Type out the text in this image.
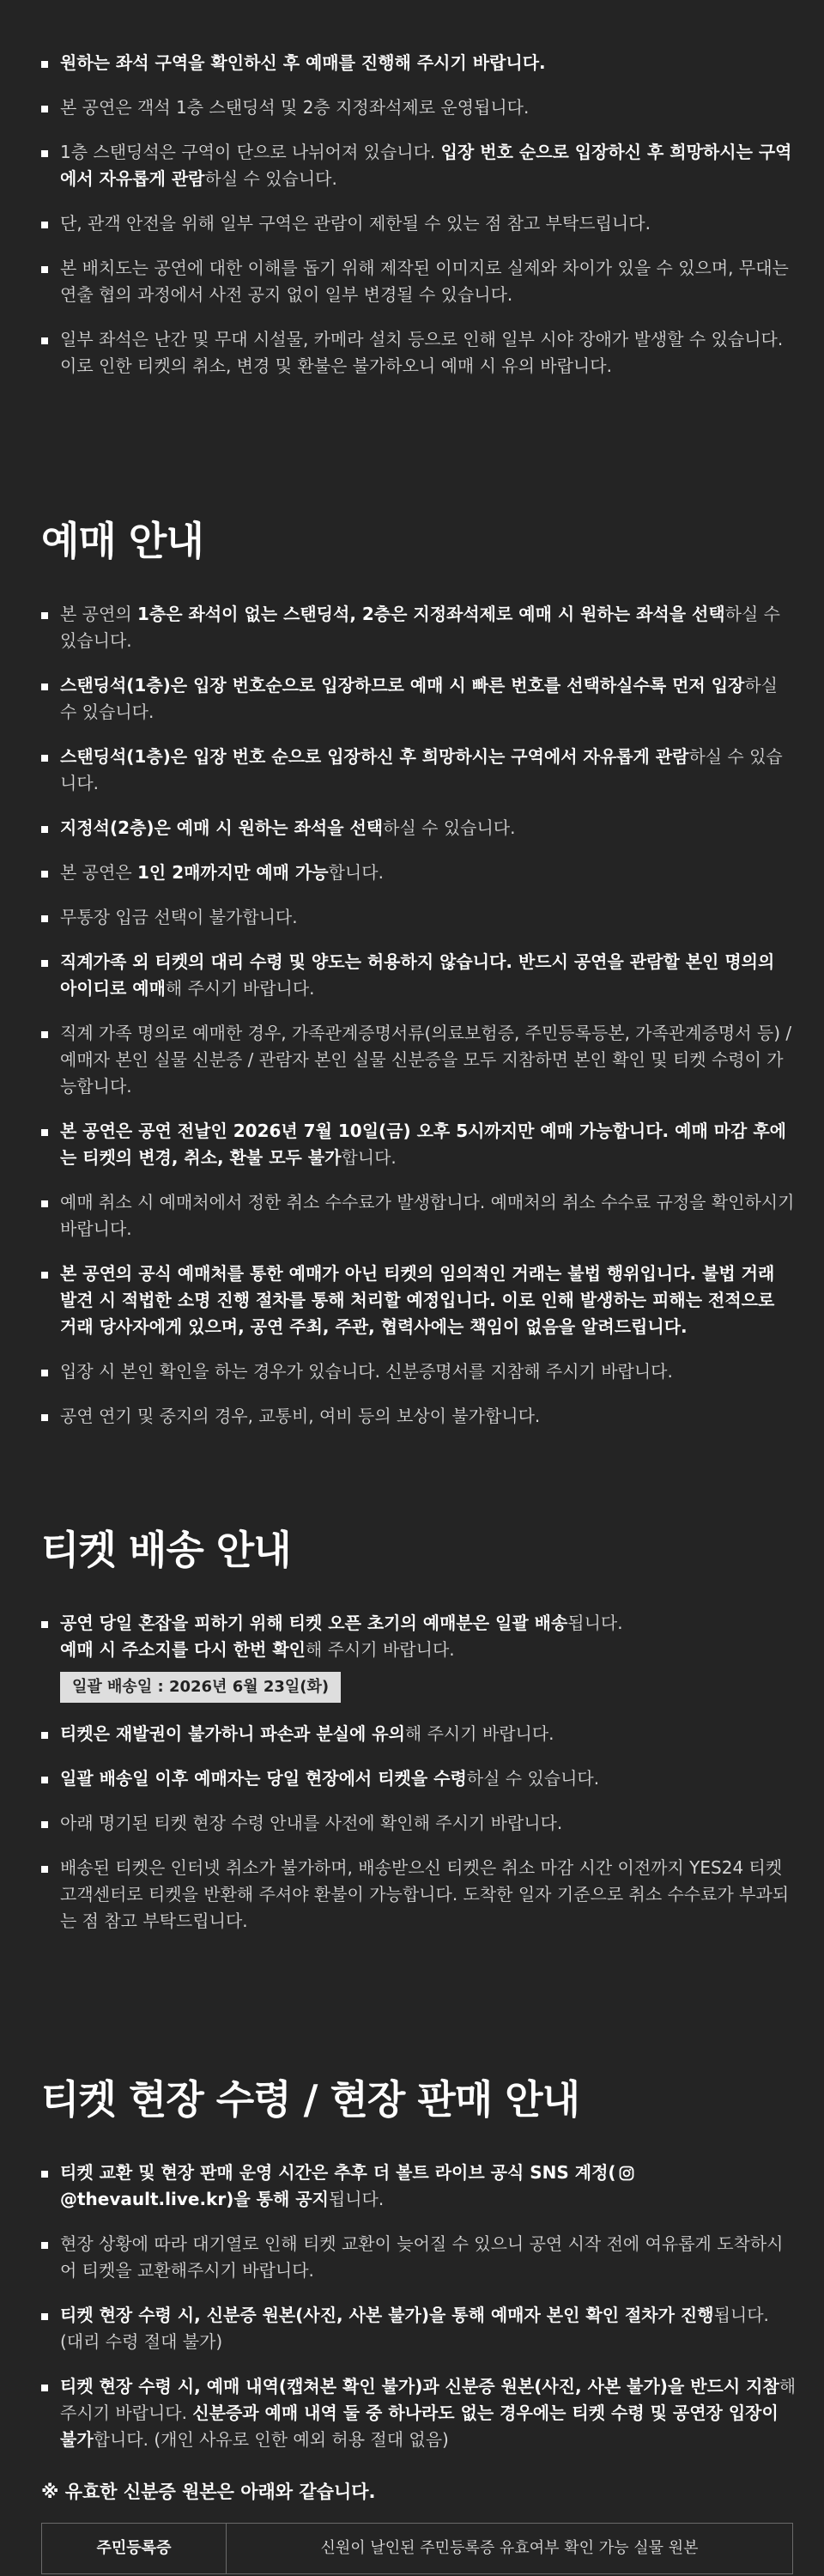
원하는 좌석 구역을 확인하신 후 예매를 진행해 주시기 바랍니다.
본 공연은 객석 1층 스탠딩석 및 2층 지정좌석제로 운영됩니다.
1층 스탠딩석은 구역이 단으로 나뉘어져 있습니다. 입장 번호 순으로 입장하신 후 희망하시는 구역에서 자유롭게 관람하실 수 있습니다.
단, 관객 안전을 위해 일부 구역은 관람이 제한될 수 있는 점 참고 부탁드립니다.
본 배치도는 공연에 대한 이해를 돕기 위해 제작된 이미지로 실제와 차이가 있을 수 있으며, 무대는 연출 협의 과정에서 사전 공지 없이 일부 변경될 수 있습니다.
일부 좌석은 난간 및 무대 시설물, 카메라 설치 등으로 인해 일부 시야 장애가 발생할 수 있습니다. 이로 인한 티켓의 취소, 변경 및 환불은 불가하오니 예매 시 유의 바랍니다.
예매 안내
본 공연의 1층은 좌석이 없는 스탠딩석, 2층은 지정좌석제로 예매 시 원하는 좌석을 선택하실 수 있습니다.
스탠딩석(1층)은 입장 번호순으로 입장하므로 예매 시 빠른 번호를 선택하실수록 먼저 입장하실 수 있습니다.
스탠딩석(1층)은 입장 번호 순으로 입장하신 후 희망하시는 구역에서 자유롭게 관람하실 수 있습니다.
지정석(2층)은 예매 시 원하는 좌석을 선택하실 수 있습니다.
본 공연은 1인 2매까지만 예매 가능합니다.
무통장 입금 선택이 불가합니다.
직계가족 외 티켓의 대리 수령 및 양도는 허용하지 않습니다. 반드시 공연을 관람할 본인 명의의 아이디로 예매해 주시기 바랍니다.
직계 가족 명의로 예매한 경우, 가족관계증명서류(의료보험증, 주민등록등본, 가족관계증명서 등) / 예매자 본인 실물 신분증 / 관람자 본인 실물 신분증을 모두 지참하면 본인 확인 및 티켓 수령이 가능합니다.
본 공연은 공연 전날인 2026년 7월 10일(금) 오후 5시까지만 예매 가능합니다. 예매 마감 후에는 티켓의 변경, 취소, 환불 모두 불가합니다.
예매 취소 시 예매처에서 정한 취소 수수료가 발생합니다. 예매처의 취소 수수료 규정을 확인하시기 바랍니다.
본 공연의 공식 예매처를 통한 예매가 아닌 티켓의 임의적인 거래는 불법 행위입니다. 불법 거래 발견 시 적법한 소명 진행 절차를 통해 처리할 예정입니다. 이로 인해 발생하는 피해는 전적으로 거래 당사자에게 있으며, 공연 주최, 주관, 협력사에는 책임이 없음을 알려드립니다.
입장 시 본인 확인을 하는 경우가 있습니다. 신분증명서를 지참해 주시기 바랍니다.
공연 연기 및 중지의 경우, 교통비, 여비 등의 보상이 불가합니다.
티켓 배송 안내
공연 당일 혼잡을 피하기 위해 티켓 오픈 초기의 예매분은 일괄 배송됩니다.
예매 시 주소지를 다시 한번 확인해 주시기 바랍니다.
일괄 배송일 : 2026년 6월 23일(화)
티켓은 재발권이 불가하니 파손과 분실에 유의해 주시기 바랍니다.
일괄 배송일 이후 예매자는 당일 현장에서 티켓을 수령하실 수 있습니다.
아래 명기된 티켓 현장 수령 안내를 사전에 확인해 주시기 바랍니다.
배송된 티켓은 인터넷 취소가 불가하며, 배송받으신 티켓은 취소 마감 시간 이전까지 YES24 티켓 고객센터로 티켓을 반환해 주셔야 환불이 가능합니다. 도착한 일자 기준으로 취소 수수료가 부과되는 점 참고 부탁드립니다.
티켓 현장 수령 / 현장 판매 안내
티켓 교환 및 현장 판매 운영 시간은 추후 더 볼트 라이브 공식 SNS 계정(@thevault.live.kr)을 통해 공지됩니다.
현장 상황에 따라 대기열로 인해 티켓 교환이 늦어질 수 있으니 공연 시작 전에 여유롭게 도착하시어 티켓을 교환해주시기 바랍니다.
티켓 현장 수령 시, 신분증 원본(사진, 사본 불가)을 통해 예매자 본인 확인 절차가 진행됩니다. (대리 수령 절대 불가)
티켓 현장 수령 시, 예매 내역(캡쳐본 확인 불가)과 신분증 원본(사진, 사본 불가)을 반드시 지참해 주시기 바랍니다. 신분증과 예매 내역 둘 중 하나라도 없는 경우에는 티켓 수령 및 공연장 입장이 불가합니다. (개인 사유로 인한 예외 허용 절대 없음)

※ 유효한 신분증 원본은 아래와 같습니다.

주민등록증	신원이 날인된 주민등록증 유효여부 확인 가능 실물 원본
